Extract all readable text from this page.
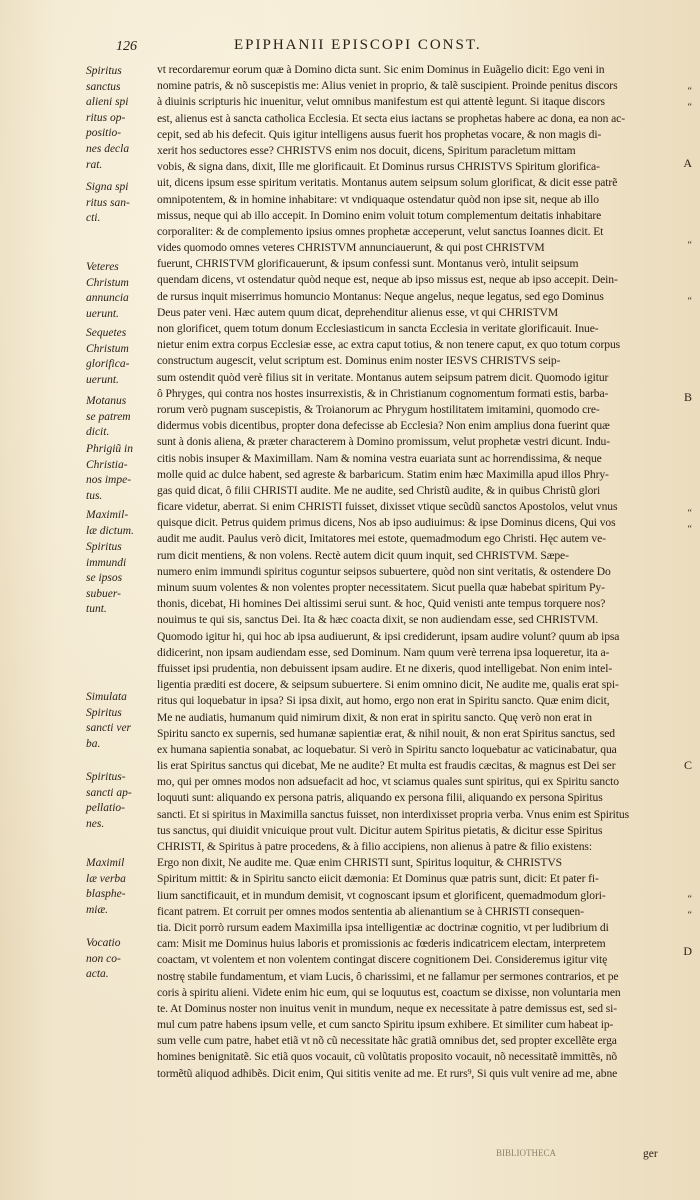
126	EPIPHANII EPISCOPI CONST.
Spiritus
sanctus
alieni spi
ritus op-
positio-
nes decla
rat.
Signa spi
ritus san-
cti.
Veteres
Christum
annuncia
uerunt.
Sequetes
Christum
glorifica-
uerunt.
Motanus
se patrem
dicit.
Phrigiũ in
Christia-
nos impe-
tus.
Maximil-
læ dictum.
Spiritus
immundi
se ipsos
subuer-
tunt.
Simulata
Spiritus
sancti ver
ba.
Spiritus-
sancti ap-
pellatio-
nes.
Maximil
læ verba
blasphe-
miæ.
Vocatio
non co-
acta.
vt recordaremur eorum quæ à Domino dicta sunt. Sic enim Dominus in Euãgelio dicit: Ego veni in
nomine patris, & nõ suscepistis me: Alius veniet in proprio, & talẽ suscipient. Proinde penitus discors
à diuinis scripturis hic inuenitur, velut omnibus manifestum est qui attentè legunt. Si itaque discors
est, alienus est à sancta catholica Ecclesia. Et secta eius iactans se prophetas habere ac dona, ea non ac-
cepit, sed ab his defecit. Quis igitur intelligens ausus fuerit hos prophetas vocare, & non magis di-
xerit hos seductores esse? CHRISTVS enim nos docuit, dicens, Spiritum paracletum mittam
vobis, & signa dans, dixit, Ille me glorificauit. Et Dominus rursus CHRISTVS Spiritum glorifica-
uit, dicens ipsum esse spiritum veritatis. Montanus autem seipsum solum glorificat, & dicit esse patrẽ
omnipotentem, & in homine inhabitare: vt vndiquaque ostendatur quòd non ipse sit, neque ab illo
missus, neque qui ab illo accepit. In Domino enim voluit totum complementum deitatis inhabitare
corporaliter: & de complemento ipsius omnes prophetæ acceperunt, velut sanctus Ioannes dicit. Et
vides quomodo omnes veteres CHRISTVM annunciauerunt, & qui post CHRISTVM
fuerunt, CHRISTVM glorificauerunt, & ipsum confessi sunt. Montanus verò, intulit seipsum
quendam dicens, vt ostendatur quòd neque est, neque ab ipso missus est, neque ab ipso accepit. Dein-
de rursus inquit miserrimus homuncio Montanus: Neque angelus, neque legatus, sed ego Dominus
Deus pater veni. Hæc autem quum dicat, deprehenditur alienus esse, vt qui CHRISTVM
non glorificet, quem totum donum Ecclesiasticum in sancta Ecclesia in veritate glorificauit. Inue-
nietur enim extra corpus Ecclesiæ esse, ac extra caput totius, & non tenere caput, ex quo totum corpus
constructum augescit, velut scriptum est. Dominus enim noster IESVS CHRISTVS seip-
sum ostendit quòd verè filius sit in veritate. Montanus autem seipsum patrem dicit. Quomodo igitur
ô Phryges, qui contra nos hostes insurrexistis, & in Christianum cognomentum formati estis, barba-
rorum verò pugnam suscepistis, & Troianorum ac Phrygum hostilitatem imitamini, quomodo cre-
didermus vobis dicentibus, propter dona defecisse ab Ecclesia? Non enim amplius dona fuerint quæ
sunt à donis aliena, & præter characterem à Domino promissum, velut prophetæ vestri dicunt. Indu-
citis nobis insuper & Maximillam. Nam & nomina vestra euariata sunt ac horrendissima, & neque
molle quid ac dulce habent, sed agreste & barbaricum. Statim enim hæc Maximilla apud illos Phry-
gas quid dicat, ô filii CHRISTI audite. Me ne audite, sed Christũ audite, & in quibus Christũ glori
ficare videtur, aberrat. Si enim CHRISTI fuisset, dixisset vtique secũdũ sanctos Apostolos, velut vnus
quisque dicit. Petrus quidem primus dicens, Nos ab ipso audiuimus: & ipse Dominus dicens, Qui vos
audit me audit. Paulus verò dicit, Imitatores mei estote, quemadmodum ego Christi. Hęc autem ve-
rum dicit mentiens, & non volens. Rectè autem dicit quum inquit, sed CHRISTVM. Sæpe-
numero enim immundi spiritus coguntur seipsos subuertere, quòd non sint veritatis, & ostendere Do
minum suum volentes & non volentes propter necessitatem. Sicut puella quæ habebat spiritum Py-
thonis, dicebat, Hi homines Dei altissimi serui sunt. & hoc, Quid venisti ante tempus torquere nos?
nouimus te qui sis, sanctus Dei. Ita & hæc coacta dixit, se non audiendam esse, sed CHRISTVM.
Quomodo igitur hi, qui hoc ab ipsa audiuerunt, & ipsi crediderunt, ipsam audire volunt? quum ab ipsa
didicerint, non ipsam audiendam esse, sed Dominum. Nam quum verè terrena ipsa loqueretur, ita a-
ffuisset ipsi prudentia, non debuissent ipsam audire. Et ne dixeris, quod intelligebat. Non enim intel-
ligentia præditi est docere, & seipsum subuertere. Si enim omnino dicit, Ne audite me, qualis erat spi-
ritus qui loquebatur in ipsa? Si ipsa dixit, aut homo, ergo non erat in Spiritu sancto. Quæ enim dicit,
Me ne audiatis, humanum quid nimirum dixit, & non erat in spiritu sancto. Quę verò non erat in
Spiritu sancto ex supernis, sed humanæ sapientiæ erat, & nihil nouit, & non erat Spiritus sanctus, sed
ex humana sapientia sonabat, ac loquebatur. Si verò in Spiritu sancto loquebatur ac vaticinabatur, qua
lis erat Spiritus sanctus qui dicebat, Me ne audite? Et multa est fraudis cæcitas, & magnus est Dei ser
mo, qui per omnes modos non adsuefacit ad hoc, vt sciamus quales sunt spiritus, qui ex Spiritu sancto
loquuti sunt: aliquando ex persona patris, aliquando ex persona filii, aliquando ex persona Spiritus
sancti. Et si spiritus in Maximilla sanctus fuisset, non interdixisset propria verba. Vnus enim est Spiritus
tus sanctus, qui diuidit vnicuique prout vult. Dicitur autem Spiritus pietatis, & dicitur esse Spiritus
CHRISTI, & Spiritus à patre procedens, & à filio accipiens, non alienus à patre & filio existens:
Ergo non dixit, Ne audite me. Quæ enim CHRISTI sunt, Spiritus loquitur, & CHRISTVS
Spiritum mittit: & in Spiritu sancto eiicit dæmonia: Et Dominus quæ patris sunt, dicit: Et pater fi-
lium sanctificauit, et in mundum demisit, vt cognoscant ipsum et glorificent, quemadmodum glori-
ficant patrem. Et corruit per omnes modos sententia ab alienantium se à CHRISTI consequen-
tia. Dicit porrò rursum eadem Maximilla ipsa intelligentiæ ac doctrinæ cognitio, vt per ludibrium di
cam: Misit me Dominus huius laboris et promissionis ac fœderis indicatricem electam, interpretem
coactam, vt volentem et non volentem contingat discere cognitionem Dei. Consideremus igitur vitę
nostrę stabile fundamentum, et viam Lucis, ô charissimi, et ne fallamur per sermones contrarios, et pe
coris à spiritu alieni. Videte enim hic eum, qui se loquutus est, coactum se dixisse, non voluntaria men
te. At Dominus noster non inuitus venit in mundum, neque ex necessitate à patre demissus est, sed si-
mul cum patre habens ipsum velle, et cum sancto Spiritu ipsum exhibere. Et similiter cum habeat ip-
sum velle cum patre, habet etiã vt nõ cũ necessitate hãc gratiã omnibus det, sed propter excellẽte erga
homines benignitatẽ. Sic etiã quos vocauit, cũ volũtatis proposito vocauit, nõ necessitatẽ immittẽs, nõ
tormẽtũ aliquod adhibẽs. Dicit enim, Qui sititis venite ad me. Et rurs⁹, Si quis vult venire ad me, abne
“
“
A
“
“
B
“
“
C
“
“
D
BIBLIOTHECA	ger
